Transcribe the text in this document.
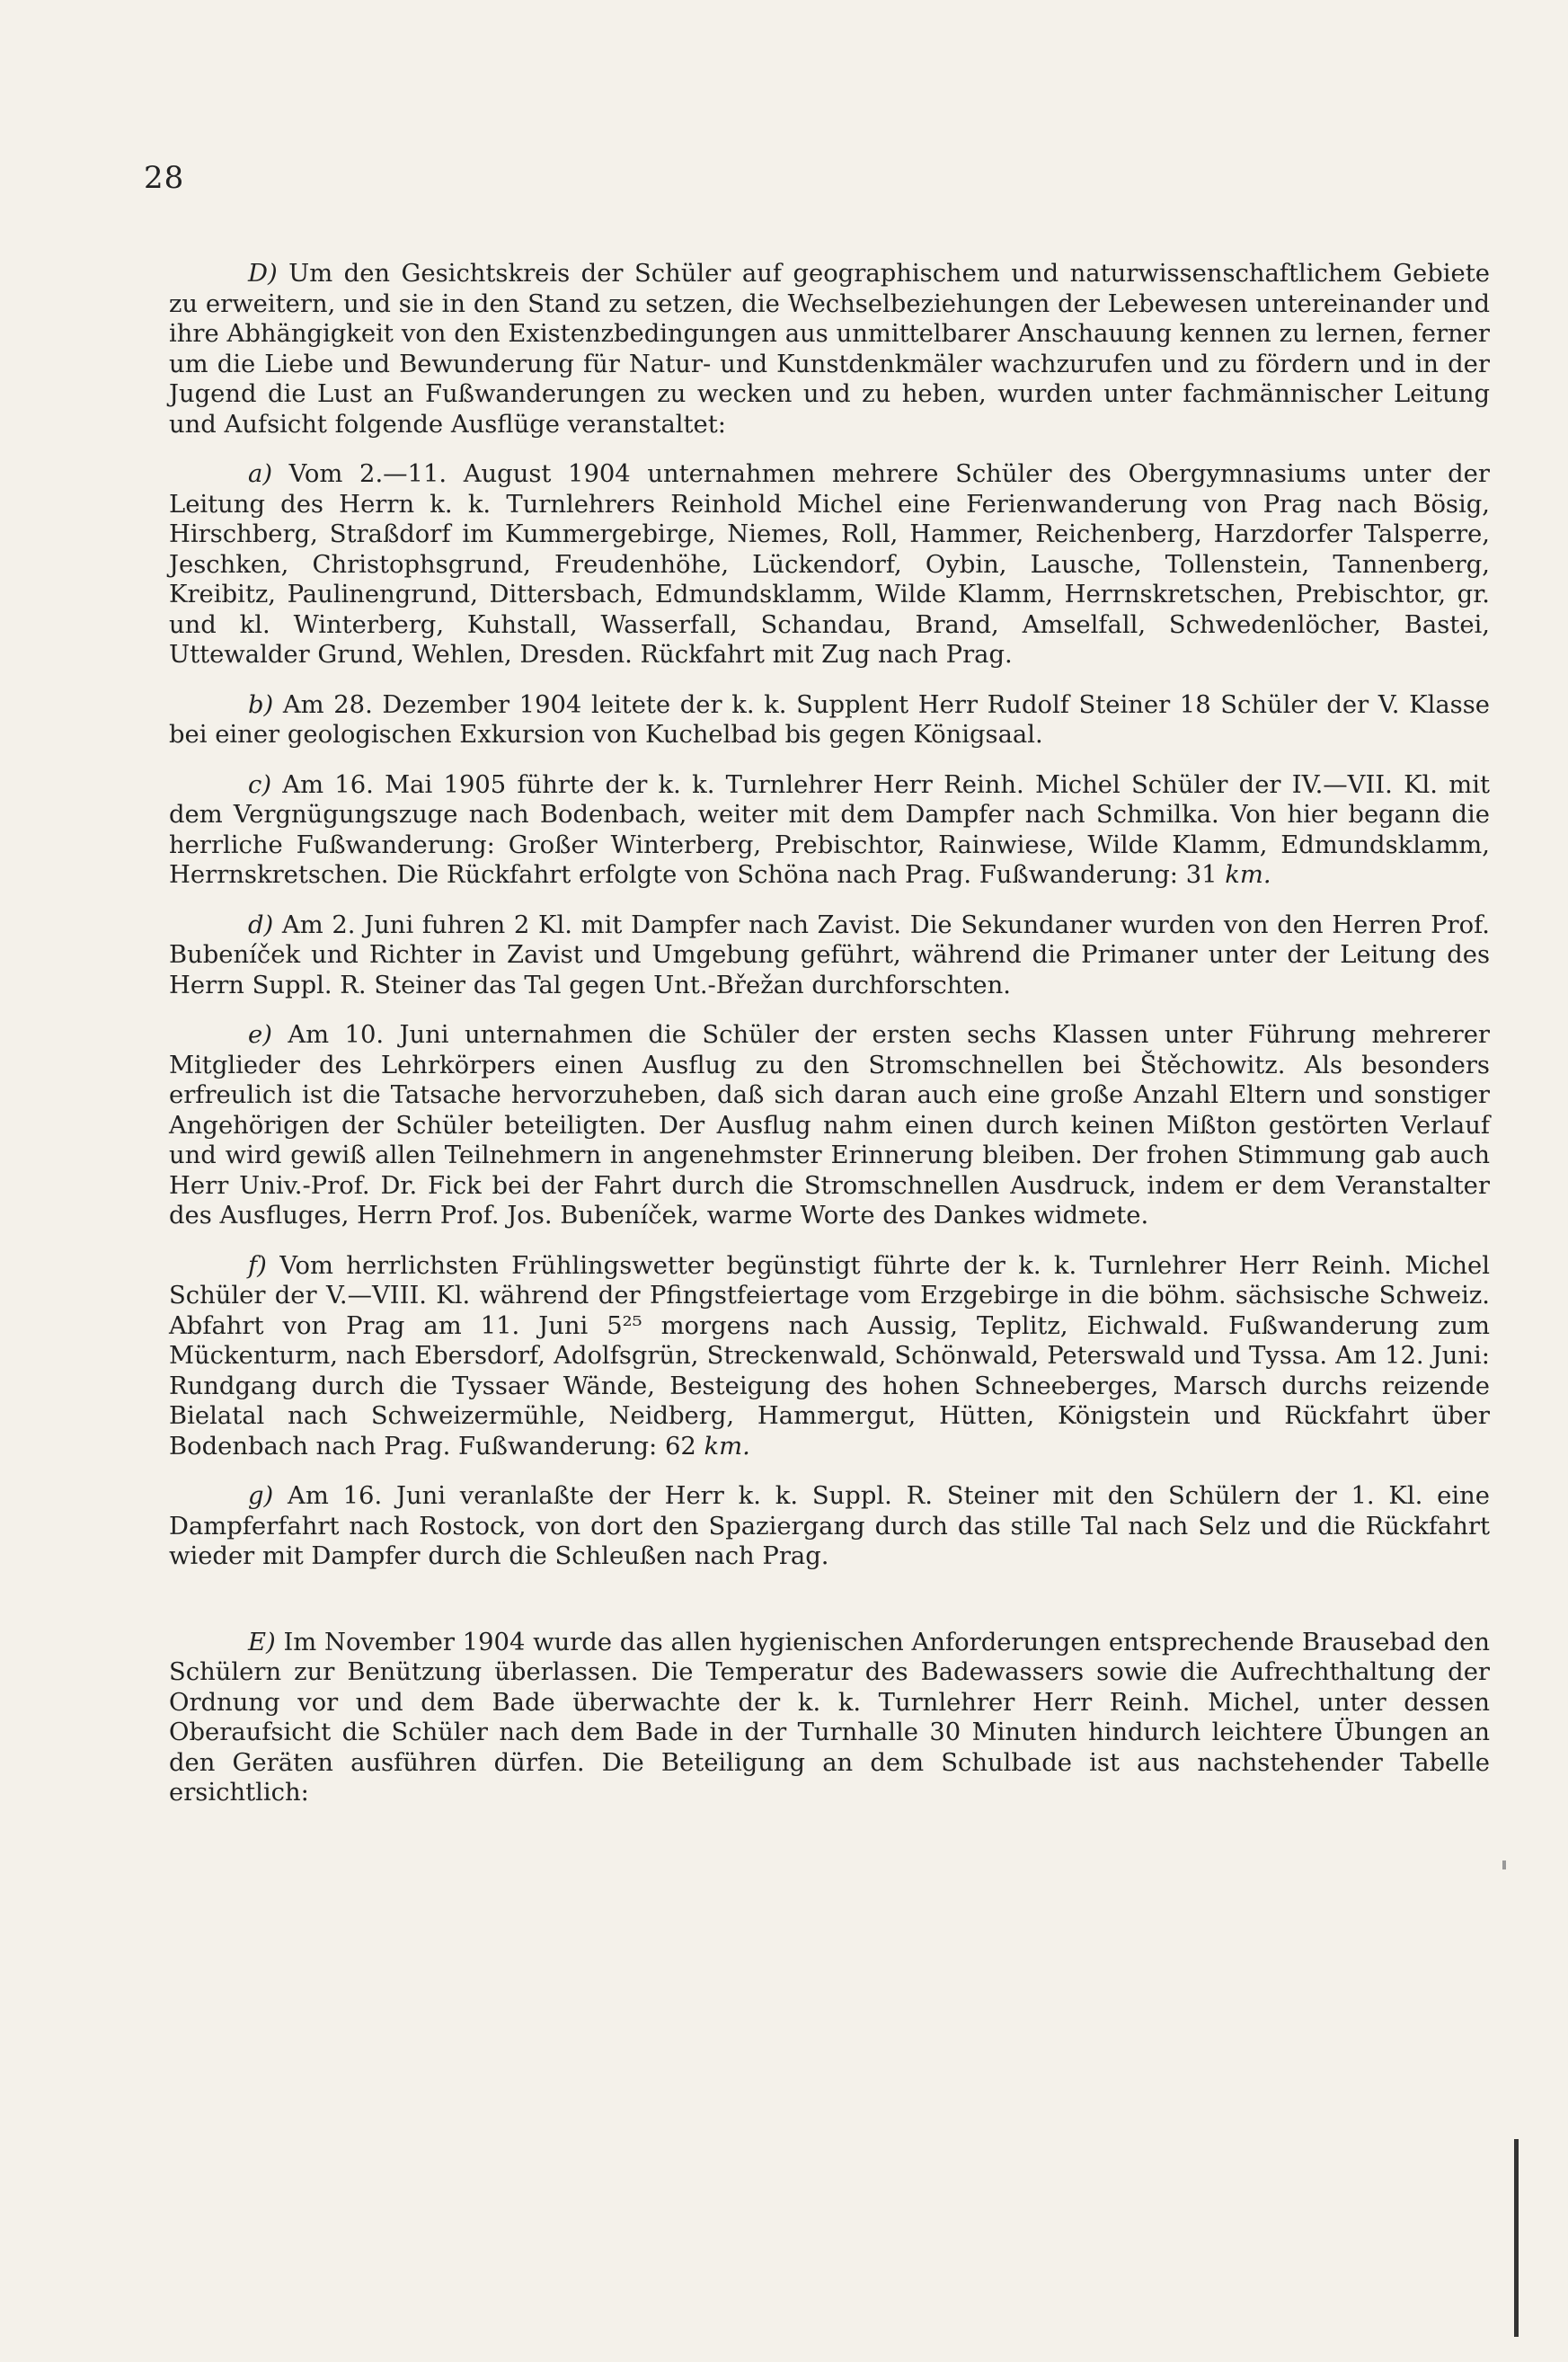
28

D) Um den Gesichtskreis der Schüler auf geographischem und naturwissenschaftlichem Gebiete zu erweitern, und sie in den Stand zu setzen, die Wechselbeziehungen der Lebewesen untereinander und ihre Abhängigkeit von den Existenzbedingungen aus unmittelbarer Anschauung kennen zu lernen, ferner um die Liebe und Bewunderung für Natur- und Kunstdenkmäler wachzurufen und zu fördern und in der Jugend die Lust an Fußwanderungen zu wecken und zu heben, wurden unter fachmännischer Leitung und Aufsicht folgende Ausflüge veranstaltet:

a) Vom 2.—11. August 1904 unternahmen mehrere Schüler des Obergymnasiums unter der Leitung des Herrn k. k. Turnlehrers Reinhold Michel eine Ferienwanderung von Prag nach Bösig, Hirschberg, Straßdorf im Kummergebirge, Niemes, Roll, Hammer, Reichenberg, Harzdorfer Talsperre, Jeschken, Christophsgrund, Freudenhöhe, Lückendorf, Oybin, Lausche, Tollenstein, Tannenberg, Kreibitz, Paulinengrund, Dittersbach, Edmundsklamm, Wilde Klamm, Herrnskretschen, Prebischtor, gr. und kl. Winterberg, Kuhstall, Wasserfall, Schandau, Brand, Amselfall, Schwedenlöcher, Bastei, Uttewalder Grund, Wehlen, Dresden. Rückfahrt mit Zug nach Prag.

b) Am 28. Dezember 1904 leitete der k. k. Supplent Herr Rudolf Steiner 18 Schüler der V. Klasse bei einer geologischen Exkursion von Kuchelbad bis gegen Königsaal.

c) Am 16. Mai 1905 führte der k. k. Turnlehrer Herr Reinh. Michel Schüler der IV.—VII. Kl. mit dem Vergnügungszuge nach Bodenbach, weiter mit dem Dampfer nach Schmilka. Von hier begann die herrliche Fußwanderung: Großer Winterberg, Prebischtor, Rainwiese, Wilde Klamm, Edmundsklamm, Herrnskretschen. Die Rückfahrt erfolgte von Schöna nach Prag. Fußwanderung: 31 km.

d) Am 2. Juni fuhren 2 Kl. mit Dampfer nach Zavist. Die Sekundaner wurden von den Herren Prof. Bubeníček und Richter in Zavist und Umgebung geführt, während die Primaner unter der Leitung des Herrn Suppl. R. Steiner das Tal gegen Unt.-Břežan durchforschten.

e) Am 10. Juni unternahmen die Schüler der ersten sechs Klassen unter Führung mehrerer Mitglieder des Lehrkörpers einen Ausflug zu den Stromschnellen bei Štěchowitz. Als besonders erfreulich ist die Tatsache hervorzuheben, daß sich daran auch eine große Anzahl Eltern und sonstiger Angehörigen der Schüler beteiligten. Der Ausflug nahm einen durch keinen Mißton gestörten Verlauf und wird gewiß allen Teilnehmern in angenehmster Erinnerung bleiben. Der frohen Stimmung gab auch Herr Univ.-Prof. Dr. Fick bei der Fahrt durch die Stromschnellen Ausdruck, indem er dem Veranstalter des Ausfluges, Herrn Prof. Jos. Bubeníček, warme Worte des Dankes widmete.

f) Vom herrlichsten Frühlingswetter begünstigt führte der k. k. Turnlehrer Herr Reinh. Michel Schüler der V.—VIII. Kl. während der Pfingstfeiertage vom Erzgebirge in die böhm. sächsische Schweiz. Abfahrt von Prag am 11. Juni 5²⁵ morgens nach Aussig, Teplitz, Eichwald. Fußwanderung zum Mückenturm, nach Ebersdorf, Adolfsgrün, Streckenwald, Schönwald, Peterswald und Tyssa. Am 12. Juni: Rundgang durch die Tyssaer Wände, Besteigung des hohen Schneeberges, Marsch durchs reizende Bielatal nach Schweizermühle, Neidberg, Hammergut, Hütten, Königstein und Rückfahrt über Bodenbach nach Prag. Fußwanderung: 62 km.

g) Am 16. Juni veranlaßte der Herr k. k. Suppl. R. Steiner mit den Schülern der 1. Kl. eine Dampferfahrt nach Rostock, von dort den Spaziergang durch das stille Tal nach Selz und die Rückfahrt wieder mit Dampfer durch die Schleußen nach Prag.

E) Im November 1904 wurde das allen hygienischen Anforderungen entsprechende Brausebad den Schülern zur Benützung überlassen. Die Temperatur des Badewassers sowie die Aufrechthaltung der Ordnung vor und dem Bade überwachte der k. k. Turnlehrer Herr Reinh. Michel, unter dessen Oberaufsicht die Schüler nach dem Bade in der Turnhalle 30 Minuten hindurch leichtere Übungen an den Geräten ausführen dürfen. Die Beteiligung an dem Schulbade ist aus nachstehender Tabelle ersichtlich:
